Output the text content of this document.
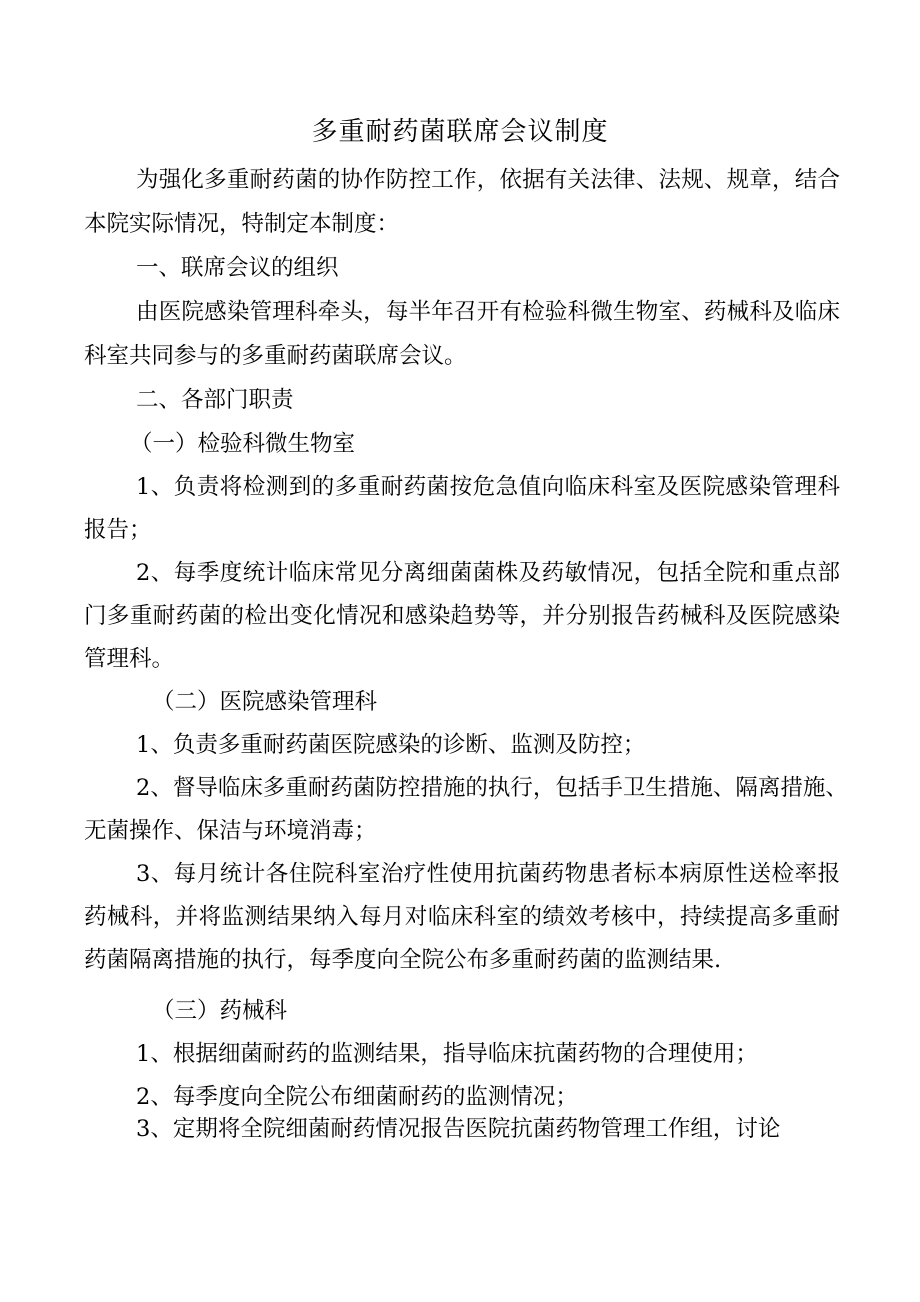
多重耐药菌联席会议制度
为强化多重耐药菌的协作防控工作，依据有关法律、法规、规章，结合
本院实际情况，特制定本制度：
一、联席会议的组织
由医院感染管理科牵头，每半年召开有检验科微生物室、药械科及临床
科室共同参与的多重耐药菌联席会议。
二、各部门职责
（一）检验科微生物室
1、负责将检测到的多重耐药菌按危急值向临床科室及医院感染管理科
报告；
2、每季度统计临床常见分离细菌菌株及药敏情况，包括全院和重点部
门多重耐药菌的检出变化情况和感染趋势等，并分别报告药械科及医院感染
管理科。
（二）医院感染管理科
1、负责多重耐药菌医院感染的诊断、监测及防控；
2、督导临床多重耐药菌防控措施的执行，包括手卫生措施、隔离措施、
无菌操作、保洁与环境消毒；
3、每月统计各住院科室治疗性使用抗菌药物患者标本病原性送检率报
药械科，并将监测结果纳入每月对临床科室的绩效考核中，持续提高多重耐
药菌隔离措施的执行，每季度向全院公布多重耐药菌的监测结果.
（三）药械科
1、根据细菌耐药的监测结果，指导临床抗菌药物的合理使用；
2、每季度向全院公布细菌耐药的监测情况；
3、定期将全院细菌耐药情况报告医院抗菌药物管理工作组，讨论
